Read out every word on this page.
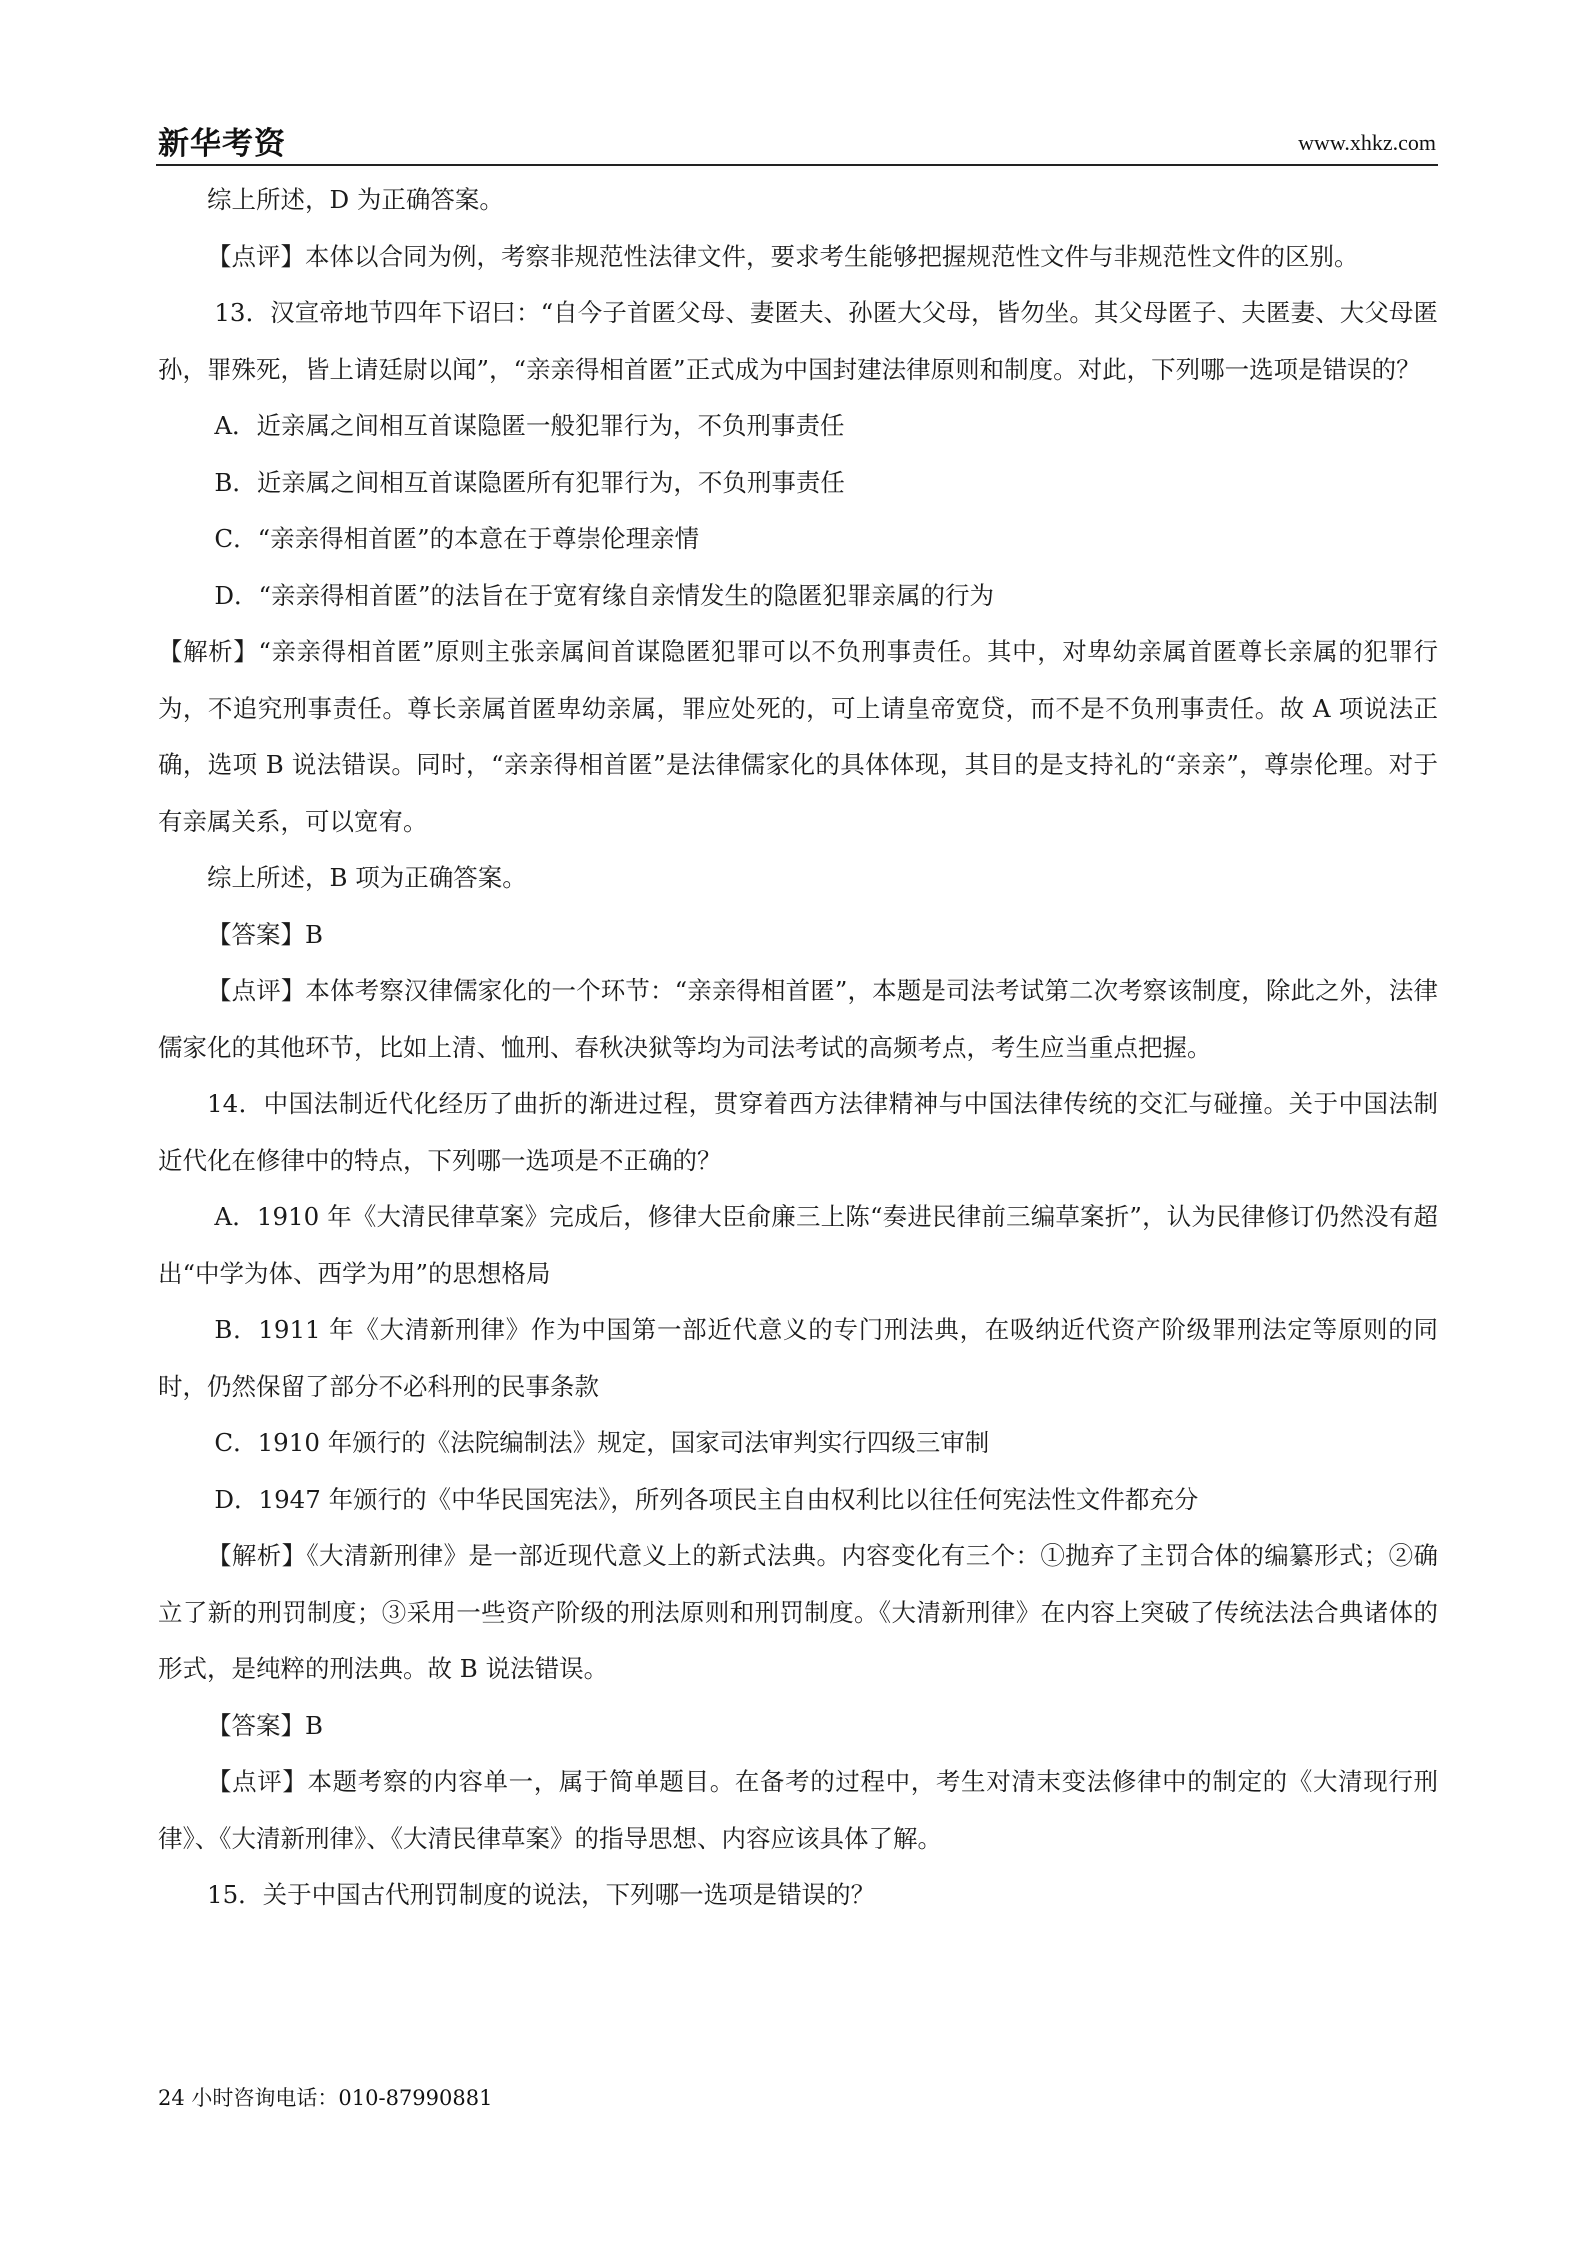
新华考资	www.xhkz.com

综上所述，D 为正确答案。

【点评】本体以合同为例，考察非规范性法律文件，要求考生能够把握规范性文件与非规范性文件的区别。

13．汉宣帝地节四年下诏曰：“自今子首匿父母、妻匿夫、孙匿大父母，皆勿坐。其父母匿子、夫匿妻、大父母匿孙，罪殊死，皆上请廷尉以闻”，“亲亲得相首匿”正式成为中国封建法律原则和制度。对此，下列哪一选项是错误的？

A．近亲属之间相互首谋隐匿一般犯罪行为，不负刑事责任

B．近亲属之间相互首谋隐匿所有犯罪行为，不负刑事责任

C．“亲亲得相首匿”的本意在于尊崇伦理亲情

D．“亲亲得相首匿”的法旨在于宽宥缘自亲情发生的隐匿犯罪亲属的行为

【解析】“亲亲得相首匿”原则主张亲属间首谋隐匿犯罪可以不负刑事责任。其中，对卑幼亲属首匿尊长亲属的犯罪行为，不追究刑事责任。尊长亲属首匿卑幼亲属，罪应处死的，可上请皇帝宽贷，而不是不负刑事责任。故 A 项说法正确，选项 B 说法错误。同时，“亲亲得相首匿”是法律儒家化的具体体现，其目的是支持礼的“亲亲”，尊崇伦理。对于有亲属关系，可以宽宥。

综上所述，B 项为正确答案。

【答案】B

【点评】本体考察汉律儒家化的一个环节：“亲亲得相首匿”，本题是司法考试第二次考察该制度，除此之外，法律儒家化的其他环节，比如上清、恤刑、春秋决狱等均为司法考试的高频考点，考生应当重点把握。

14．中国法制近代化经历了曲折的渐进过程，贯穿着西方法律精神与中国法律传统的交汇与碰撞。关于中国法制近代化在修律中的特点，下列哪一选项是不正确的？

A．1910 年《大清民律草案》完成后，修律大臣俞廉三上陈“奏进民律前三编草案折”，认为民律修订仍然没有超出“中学为体、西学为用”的思想格局

B．1911 年《大清新刑律》作为中国第一部近代意义的专门刑法典，在吸纳近代资产阶级罪刑法定等原则的同时，仍然保留了部分不必科刑的民事条款

C．1910 年颁行的《法院编制法》规定，国家司法审判实行四级三审制

D．1947 年颁行的《中华民国宪法》，所列各项民主自由权利比以往任何宪法性文件都充分

【解析】《大清新刑律》是一部近现代意义上的新式法典。内容变化有三个：①抛弃了主罚合体的编纂形式；②确立了新的刑罚制度；③采用一些资产阶级的刑法原则和刑罚制度。《大清新刑律》在内容上突破了传统法法合典诸体的形式，是纯粹的刑法典。故 B 说法错误。

【答案】B

【点评】本题考察的内容单一，属于简单题目。在备考的过程中，考生对清末变法修律中的制定的《大清现行刑律》、《大清新刑律》、《大清民律草案》的指导思想、内容应该具体了解。

15．关于中国古代刑罚制度的说法，下列哪一选项是错误的？

24 小时咨询电话：010-87990881
